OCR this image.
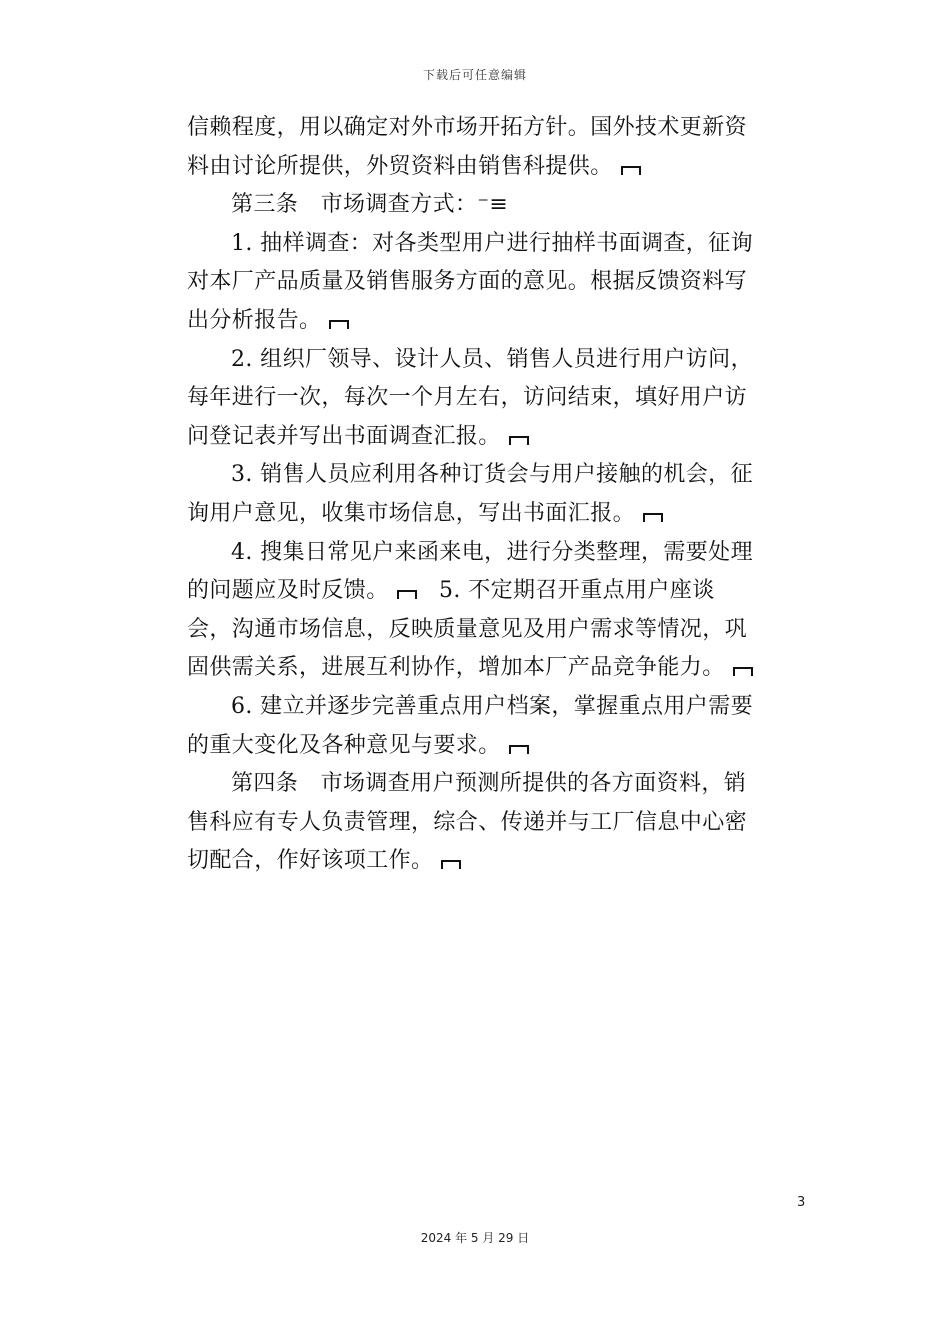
下载后可任意编辑

信赖程度，用以确定对外市场开拓方针。国外技术更新资料由讨论所提供，外贸资料由销售科提供。

第三条　市场调查方式：⁻≡

1. 抽样调查：对各类型用户进行抽样书面调查，征询对本厂产品质量及销售服务方面的意见。根据反馈资料写出分析报告。

2. 组织厂领导、设计人员、销售人员进行用户访问，每年进行一次，每次一个月左右，访问结束，填好用户访问登记表并写出书面调查汇报。

3. 销售人员应利用各种订货会与用户接触的机会，征询用户意见，收集市场信息，写出书面汇报。

4. 搜集日常见户来函来电，进行分类整理，需要处理的问题应及时反馈。　5. 不定期召开重点用户座谈会，沟通市场信息，反映质量意见及用户需求等情况，巩固供需关系，进展互利协作，增加本厂产品竞争能力。

6. 建立并逐步完善重点用户档案，掌握重点用户需要的重大变化及各种意见与要求。

第四条　市场调查用户预测所提供的各方面资料，销售科应有专人负责管理，综合、传递并与工厂信息中心密切配合，作好该项工作。

3
2024 年 5 月 29 日
